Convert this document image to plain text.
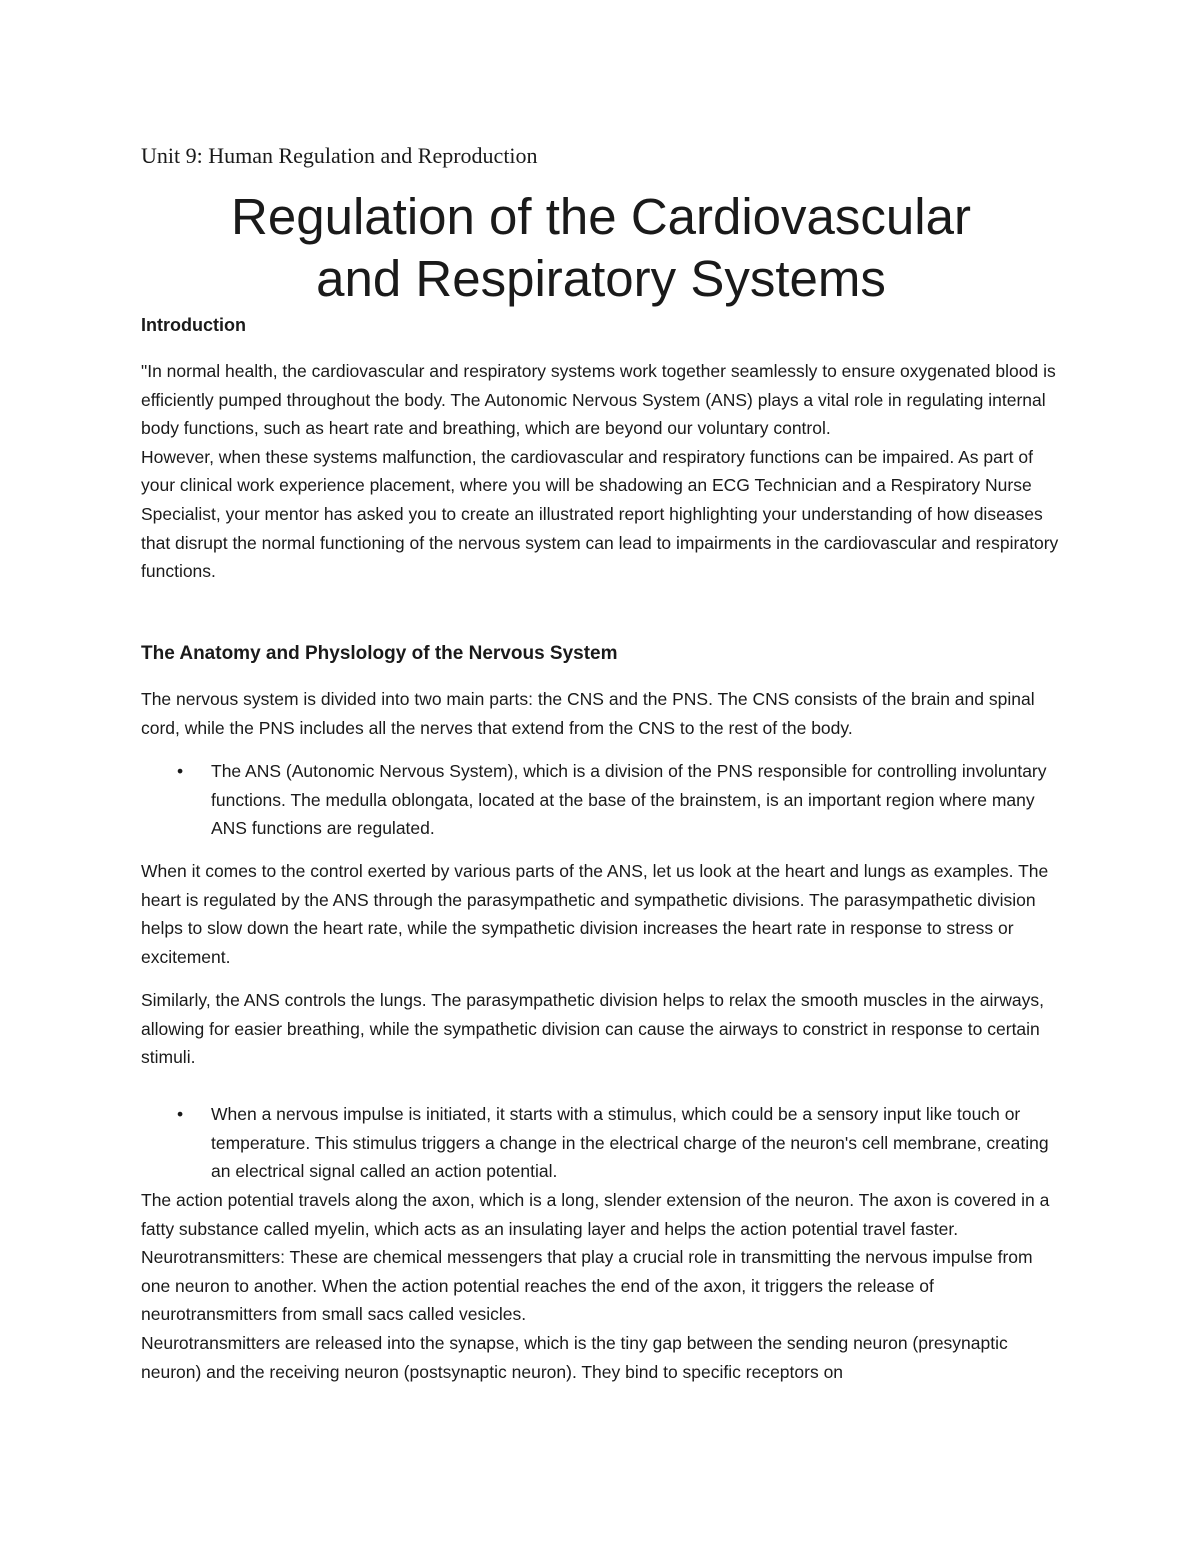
Unit 9: Human Regulation and Reproduction
Regulation of the Cardiovascular
and Respiratory Systems
Introduction

"In normal health, the cardiovascular and respiratory systems work together seamlessly to ensure oxygenated blood is efficiently pumped throughout the body. The Autonomic Nervous System (ANS) plays a vital role in regulating internal body functions, such as heart rate and breathing, which are beyond our voluntary control.

However, when these systems malfunction, the cardiovascular and respiratory functions can be impaired. As part of your clinical work experience placement, where you will be shadowing an ECG Technician and a Respiratory Nurse Specialist, your mentor has asked you to create an illustrated report highlighting your understanding of how diseases that disrupt the normal functioning of the nervous system can lead to impairments in the cardiovascular and respiratory functions.

The Anatomy and Physlology of the Nervous System

The nervous system is divided into two main parts: the CNS and the PNS. The CNS consists of the brain and spinal cord, while the PNS includes all the nerves that extend from the CNS to the rest of the body.

• The ANS (Autonomic Nervous System), which is a division of the PNS responsible for controlling involuntary functions. The medulla oblongata, located at the base of the brainstem, is an important region where many ANS functions are regulated.

When it comes to the control exerted by various parts of the ANS, let us look at the heart and lungs as examples. The heart is regulated by the ANS through the parasympathetic and sympathetic divisions. The parasympathetic division helps to slow down the heart rate, while the sympathetic division increases the heart rate in response to stress or excitement.

Similarly, the ANS controls the lungs. The parasympathetic division helps to relax the smooth muscles in the airways, allowing for easier breathing, while the sympathetic division can cause the airways to constrict in response to certain stimuli.

• When a nervous impulse is initiated, it starts with a stimulus, which could be a sensory input like touch or temperature. This stimulus triggers a change in the electrical charge of the neuron's cell membrane, creating an electrical signal called an action potential.

The action potential travels along the axon, which is a long, slender extension of the neuron. The axon is covered in a fatty substance called myelin, which acts as an insulating layer and helps the action potential travel faster.

Neurotransmitters: These are chemical messengers that play a crucial role in transmitting the nervous impulse from one neuron to another. When the action potential reaches the end of the axon, it triggers the release of neurotransmitters from small sacs called vesicles.

Neurotransmitters are released into the synapse, which is the tiny gap between the sending neuron (presynaptic neuron) and the receiving neuron (postsynaptic neuron). They bind to specific receptors on
